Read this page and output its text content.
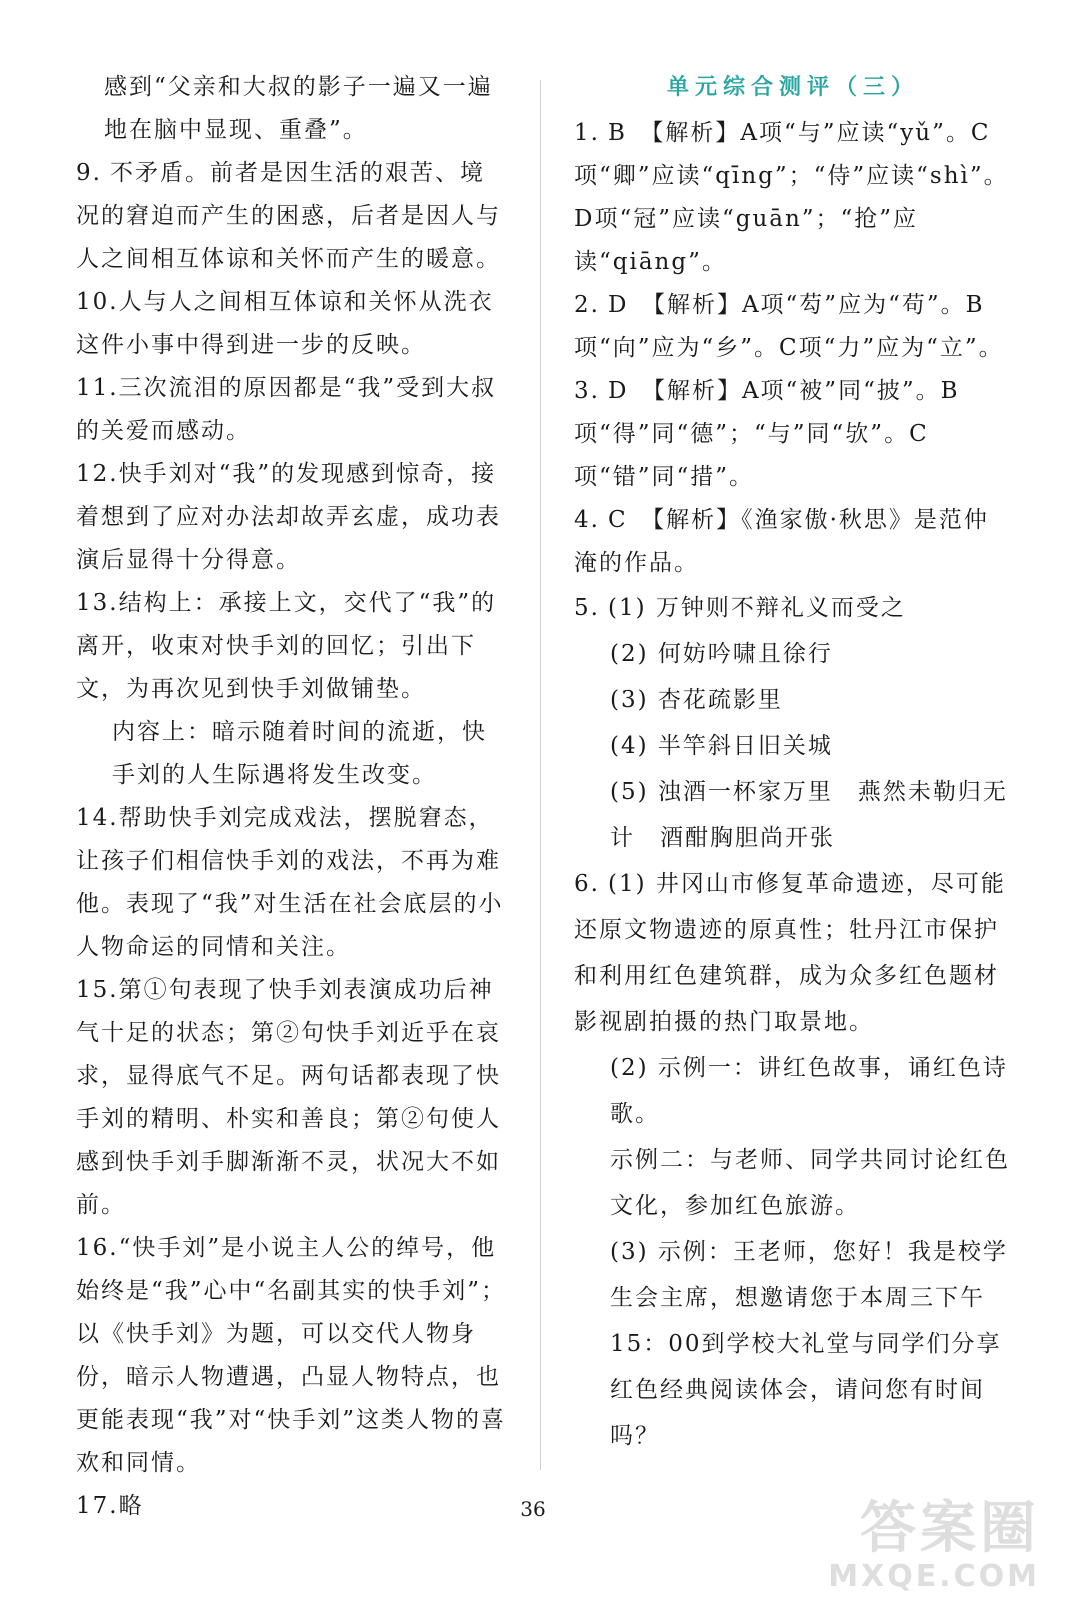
感到“父亲和大叔的影子一遍又一遍地在脑中显现、重叠”。

9. 不矛盾。前者是因生活的艰苦、境况的窘迫而产生的困惑，后者是因人与人之间相互体谅和关怀而产生的暖意。

10.人与人之间相互体谅和关怀从洗衣这件小事中得到进一步的反映。

11.三次流泪的原因都是“我”受到大叔的关爱而感动。

12.快手刘对“我”的发现感到惊奇，接着想到了应对办法却故弄玄虚，成功表演后显得十分得意。

13.结构上：承接上文，交代了“我”的离开，收束对快手刘的回忆；引出下文，为再次见到快手刘做铺垫。

内容上：暗示随着时间的流逝，快手刘的人生际遇将发生改变。

14.帮助快手刘完成戏法，摆脱窘态，让孩子们相信快手刘的戏法，不再为难他。表现了“我”对生活在社会底层的小人物命运的同情和关注。

15.第①句表现了快手刘表演成功后神气十足的状态；第②句快手刘近乎在哀求，显得底气不足。两句话都表现了快手刘的精明、朴实和善良；第②句使人感到快手刘手脚渐渐不灵，状况大不如前。

16.“快手刘”是小说主人公的绰号，他始终是“我”心中“名副其实的快手刘”；以《快手刘》为题，可以交代人物身份，暗示人物遭遇，凸显人物特点，也更能表现“我”对“快手刘”这类人物的喜欢和同情。

17.略

单元综合测评（三）

1. B　【解析】A项“与”应读“yǔ”。C项“卿”应读“qīng”；“侍”应读“shì”。D项“冠”应读“guān”；“抢”应读“qiāng”。

2. D　【解析】A项“芶”应为“苟”。B项“向”应为“乡”。C项“力”应为“立”。

3. D　【解析】A项“被”同“披”。B项“得”同“德”；“与”同“欤”。C项“错”同“措”。

4. C　【解析】《渔家傲·秋思》是范仲淹的作品。

5. (1) 万钟则不辩礼义而受之

(2) 何妨吟啸且徐行

(3) 杏花疏影里

(4) 半竿斜日旧关城

(5) 浊酒一杯家万里　燕然未勒归无计　酒酣胸胆尚开张

6. (1) 井冈山市修复革命遗迹，尽可能还原文物遗迹的原真性；牡丹江市保护和利用红色建筑群，成为众多红色题材影视剧拍摄的热门取景地。

(2) 示例一：讲红色故事，诵红色诗歌。

示例二：与老师、同学共同讨论红色文化，参加红色旅游。

(3) 示例：王老师，您好！我是校学生会主席，想邀请您于本周三下午15：00到学校大礼堂与同学们分享红色经典阅读体会，请问您有时间吗？

36	答案圈
MXQE.COM
